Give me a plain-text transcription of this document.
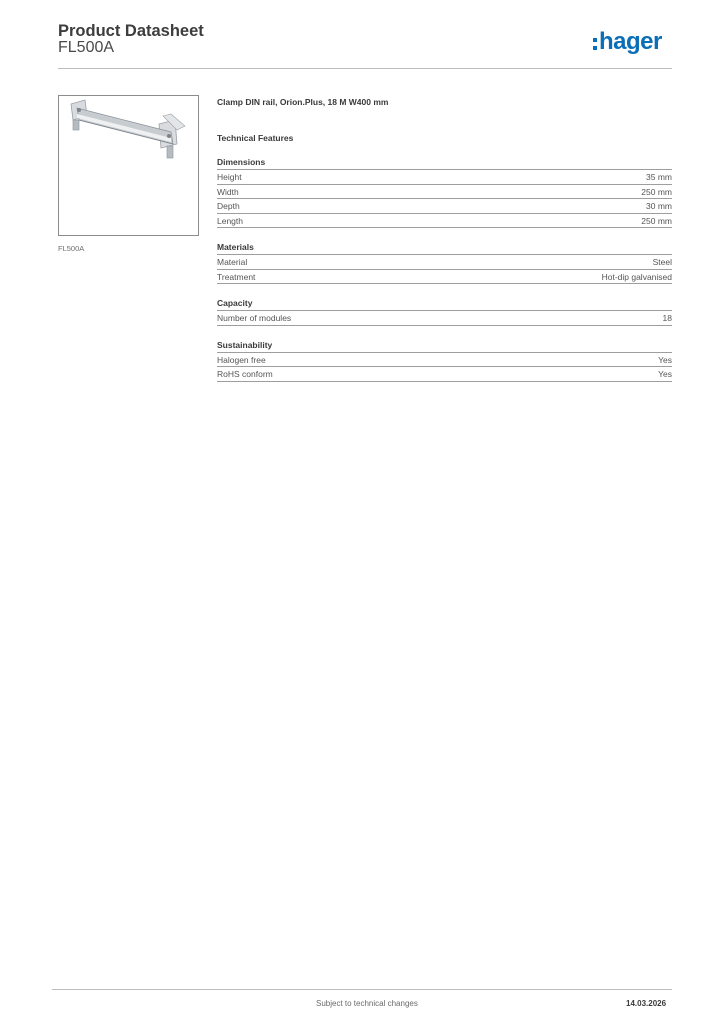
Product Datasheet
FL500A	hager
FL500A
Clamp DIN rail, Orion.Plus, 18 M W400 mm
Technical Features
Dimensions
Height	35 mm
Width	250 mm
Depth	30 mm
Length	250 mm
Materials
Material	Steel
Treatment	Hot-dip galvanised
Capacity
Number of modules	18
Sustainability
Halogen free	Yes
RoHS conform	Yes
Subject to technical changes	14.03.2026
